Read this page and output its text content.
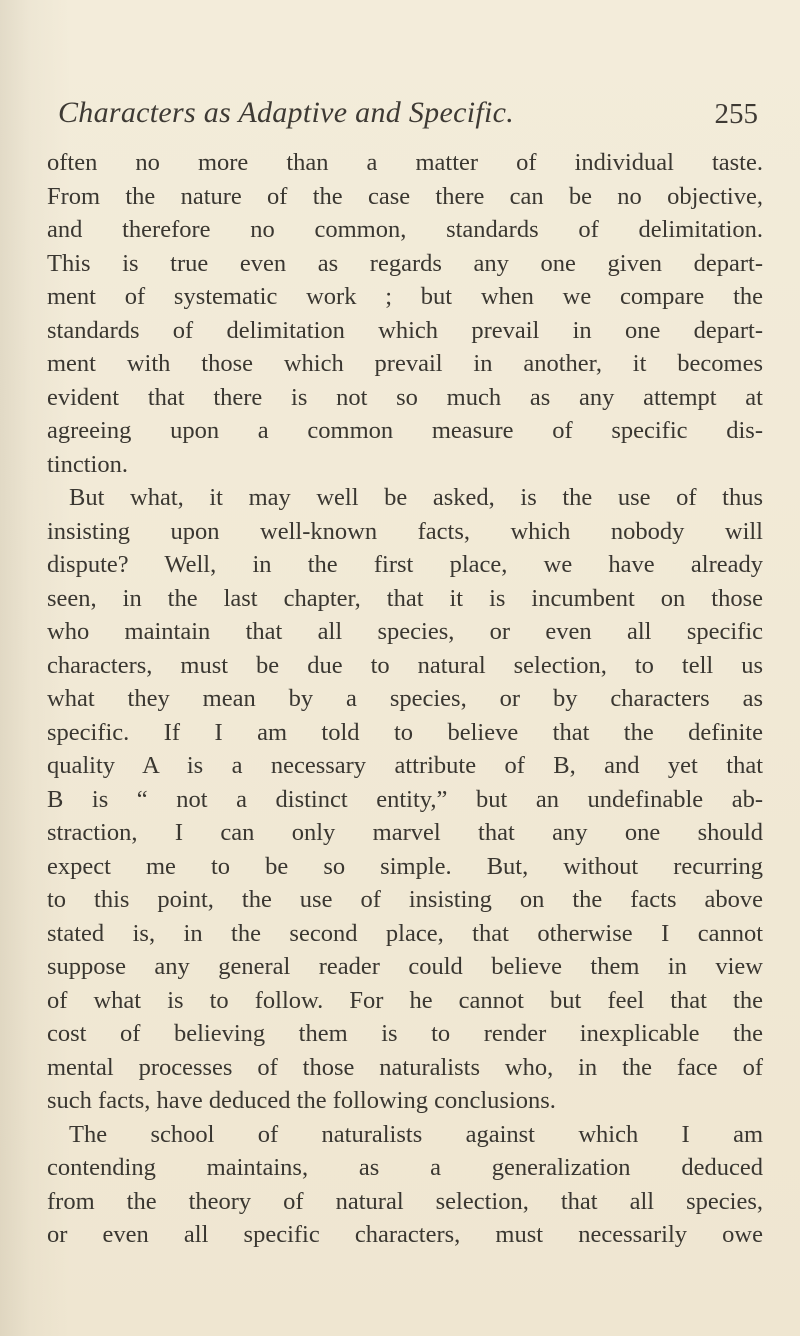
Characters as Adaptive and Specific.	255
often no more than a matter of individual taste.
From the nature of the case there can be no objective,
and therefore no common, standards of delimitation.
This is true even as regards any one given depart-
ment of systematic work ; but when we compare the
standards of delimitation which prevail in one depart-
ment with those which prevail in another, it becomes
evident that there is not so much as any attempt at
agreeing upon a common measure of specific dis-
tinction.
But what, it may well be asked, is the use of thus
insisting upon well-known facts, which nobody will
dispute? Well, in the first place, we have already
seen, in the last chapter, that it is incumbent on those
who maintain that all species, or even all specific
characters, must be due to natural selection, to tell us
what they mean by a species, or by characters as
specific. If I am told to believe that the definite
quality A is a necessary attribute of B, and yet that
B is “ not a distinct entity,” but an undefinable ab-
straction, I can only marvel that any one should
expect me to be so simple. But, without recurring
to this point, the use of insisting on the facts above
stated is, in the second place, that otherwise I cannot
suppose any general reader could believe them in view
of what is to follow. For he cannot but feel that the
cost of believing them is to render inexplicable the
mental processes of those naturalists who, in the face of
such facts, have deduced the following conclusions.
The school of naturalists against which I am
contending maintains, as a generalization deduced
from the theory of natural selection, that all species,
or even all specific characters, must necessarily owe
